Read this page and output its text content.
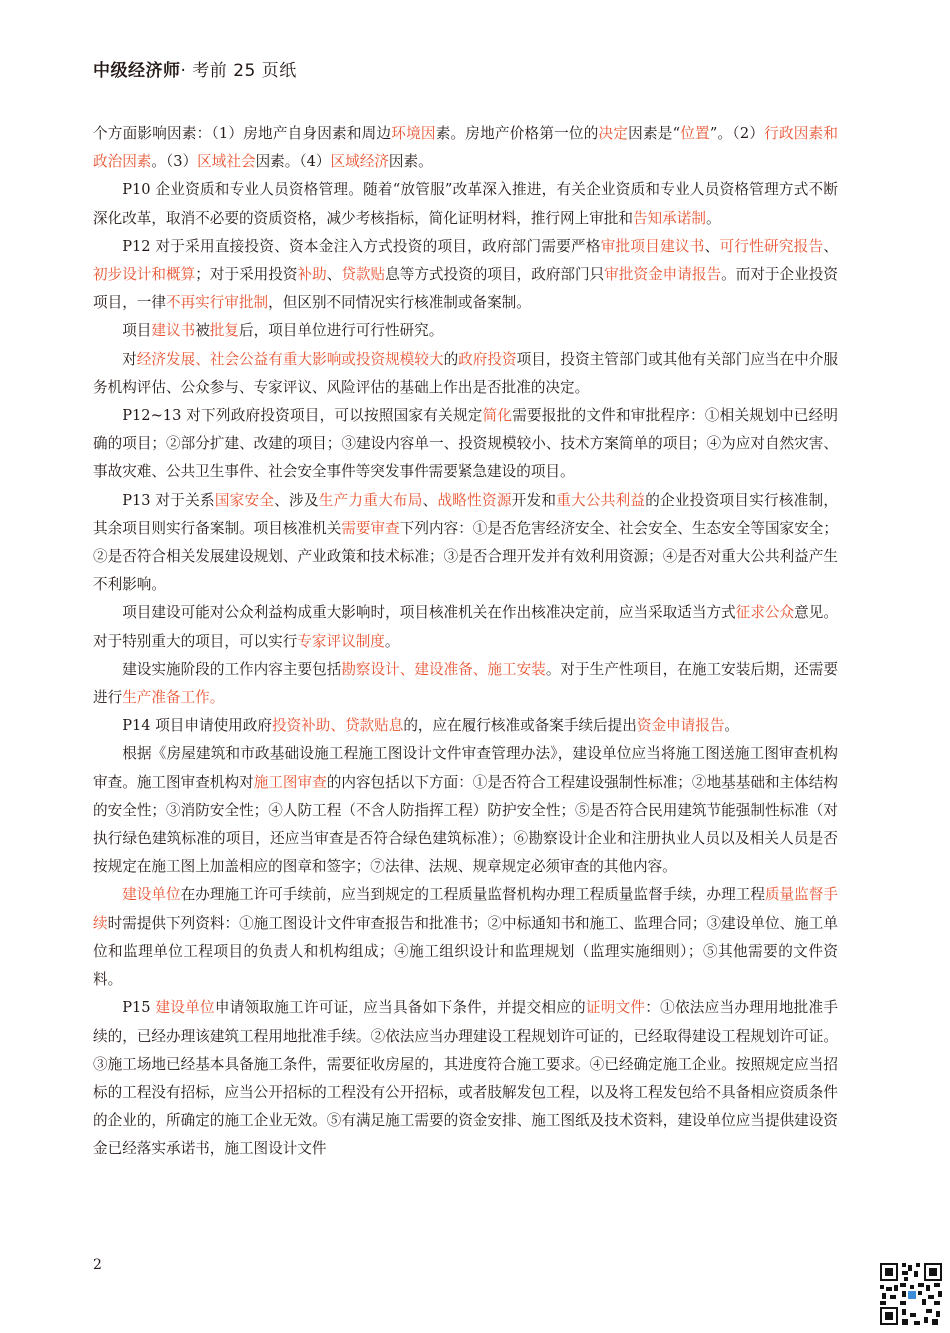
中级经济师· 考前 25 页纸

个方面影响因素：（1）房地产自身因素和周边环境因素。房地产价格第一位的决定因素是“位置”。（2）行政因素和政治因素。（3）区域社会因素。（4）区域经济因素。

P10 企业资质和专业人员资格管理。随着“放管服”改革深入推进，有关企业资质和专业人员资格管理方式不断深化改革，取消不必要的资质资格，减少考核指标，简化证明材料，推行网上审批和告知承诺制。

P12 对于采用直接投资、资本金注入方式投资的项目，政府部门需要严格审批项目建议书、可行性研究报告、初步设计和概算；对于采用投资补助、贷款贴息等方式投资的项目，政府部门只审批资金申请报告。而对于企业投资项目，一律不再实行审批制，但区别不同情况实行核准制或备案制。

项目建议书被批复后，项目单位进行可行性研究。

对经济发展、社会公益有重大影响或投资规模较大的政府投资项目，投资主管部门或其他有关部门应当在中介服务机构评估、公众参与、专家评议、风险评估的基础上作出是否批准的决定。

P12~13 对下列政府投资项目，可以按照国家有关规定简化需要报批的文件和审批程序：①相关规划中已经明确的项目；②部分扩建、改建的项目；③建设内容单一、投资规模较小、技术方案简单的项目；④为应对自然灾害、事故灾难、公共卫生事件、社会安全事件等突发事件需要紧急建设的项目。

P13 对于关系国家安全、涉及生产力重大布局、战略性资源开发和重大公共利益的企业投资项目实行核准制，其余项目则实行备案制。项目核准机关需要审查下列内容：①是否危害经济安全、社会安全、生态安全等国家安全；②是否符合相关发展建设规划、产业政策和技术标准；③是否合理开发并有效利用资源；④是否对重大公共利益产生不利影响。

项目建设可能对公众利益构成重大影响时，项目核准机关在作出核准决定前，应当采取适当方式征求公众意见。对于特别重大的项目，可以实行专家评议制度。

建设实施阶段的工作内容主要包括勘察设计、建设准备、施工安装。对于生产性项目，在施工安装后期，还需要进行生产准备工作。

P14 项目申请使用政府投资补助、贷款贴息的，应在履行核准或备案手续后提出资金申请报告。

根据《房屋建筑和市政基础设施工程施工图设计文件审查管理办法》，建设单位应当将施工图送施工图审查机构审查。施工图审查机构对施工图审查的内容包括以下方面：①是否符合工程建设强制性标准；②地基基础和主体结构的安全性；③消防安全性；④人防工程（不含人防指挥工程）防护安全性；⑤是否符合民用建筑节能强制性标准（对执行绿色建筑标准的项目，还应当审查是否符合绿色建筑标准）；⑥勘察设计企业和注册执业人员以及相关人员是否按规定在施工图上加盖相应的图章和签字；⑦法律、法规、规章规定必须审查的其他内容。

建设单位在办理施工许可手续前，应当到规定的工程质量监督机构办理工程质量监督手续，办理工程质量监督手续时需提供下列资料：①施工图设计文件审查报告和批准书；②中标通知书和施工、监理合同；③建设单位、施工单位和监理单位工程项目的负责人和机构组成；④施工组织设计和监理规划（监理实施细则）；⑤其他需要的文件资料。

P15 建设单位申请领取施工许可证，应当具备如下条件，并提交相应的证明文件：①依法应当办理用地批准手续的，已经办理该建筑工程用地批准手续。②依法应当办理建设工程规划许可证的，已经取得建设工程规划许可证。③施工场地已经基本具备施工条件，需要征收房屋的，其进度符合施工要求。④已经确定施工企业。按照规定应当招标的工程没有招标，应当公开招标的工程没有公开招标，或者肢解发包工程，以及将工程发包给不具备相应资质条件的企业的，所确定的施工企业无效。⑤有满足施工需要的资金安排、施工图纸及技术资料，建设单位应当提供建设资金已经落实承诺书，施工图设计文件

2
